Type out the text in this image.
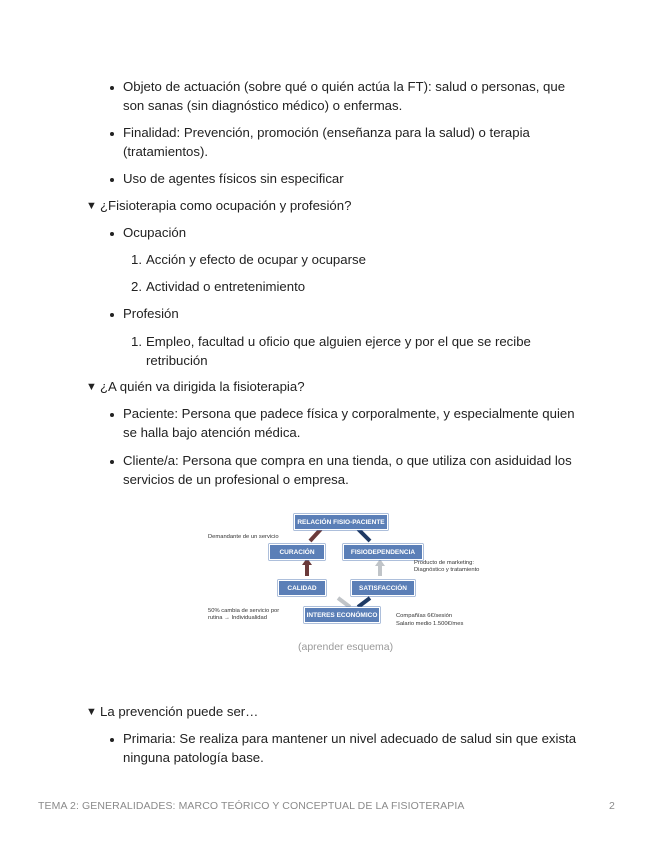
Objeto de actuación (sobre qué o quién actúa la FT): salud o personas, que
son sanas (sin diagnóstico médico) o enfermas.
Finalidad: Prevención, promoción (enseñanza para la salud) o terapia
(tratamientos).
Uso de agentes físicos sin especificar
▼ ¿Fisioterapia como ocupación y profesión?
Ocupación
1. Acción y efecto de ocupar y ocuparse
2. Actividad o entretenimiento
Profesión
1. Empleo, facultad u oficio que alguien ejerce y por el que se recibe
retribución
▼ ¿A quién va dirigida la fisioterapia?
Paciente: Persona que padece física y corporalmente, y especialmente quien
se halla bajo atención médica.
Cliente/a: Persona que compra en una tienda, o que utiliza con asiduidad los
servicios de un profesional o empresa.
RELACIÓN FISIO-PACIENTE
CURACIÓN	FISIODEPENDENCIA
CALIDAD	SATISFACCIÓN
INTERES ECONÓMICO
Demandante de un servicio
Producto de marketing:
Diagnóstico y tratamiento
50% cambia de servicio por
rutina → Individualidad	Compañías 6€/sesión
Salario medio 1.500€/mes
(aprender esquema)
▼ La prevención puede ser…
Primaria: Se realiza para mantener un nivel adecuado de salud sin que exista
ninguna patología base.
TEMA 2: GENERALIDADES: MARCO TEÓRICO Y CONCEPTUAL DE LA FISIOTERAPIA	2
